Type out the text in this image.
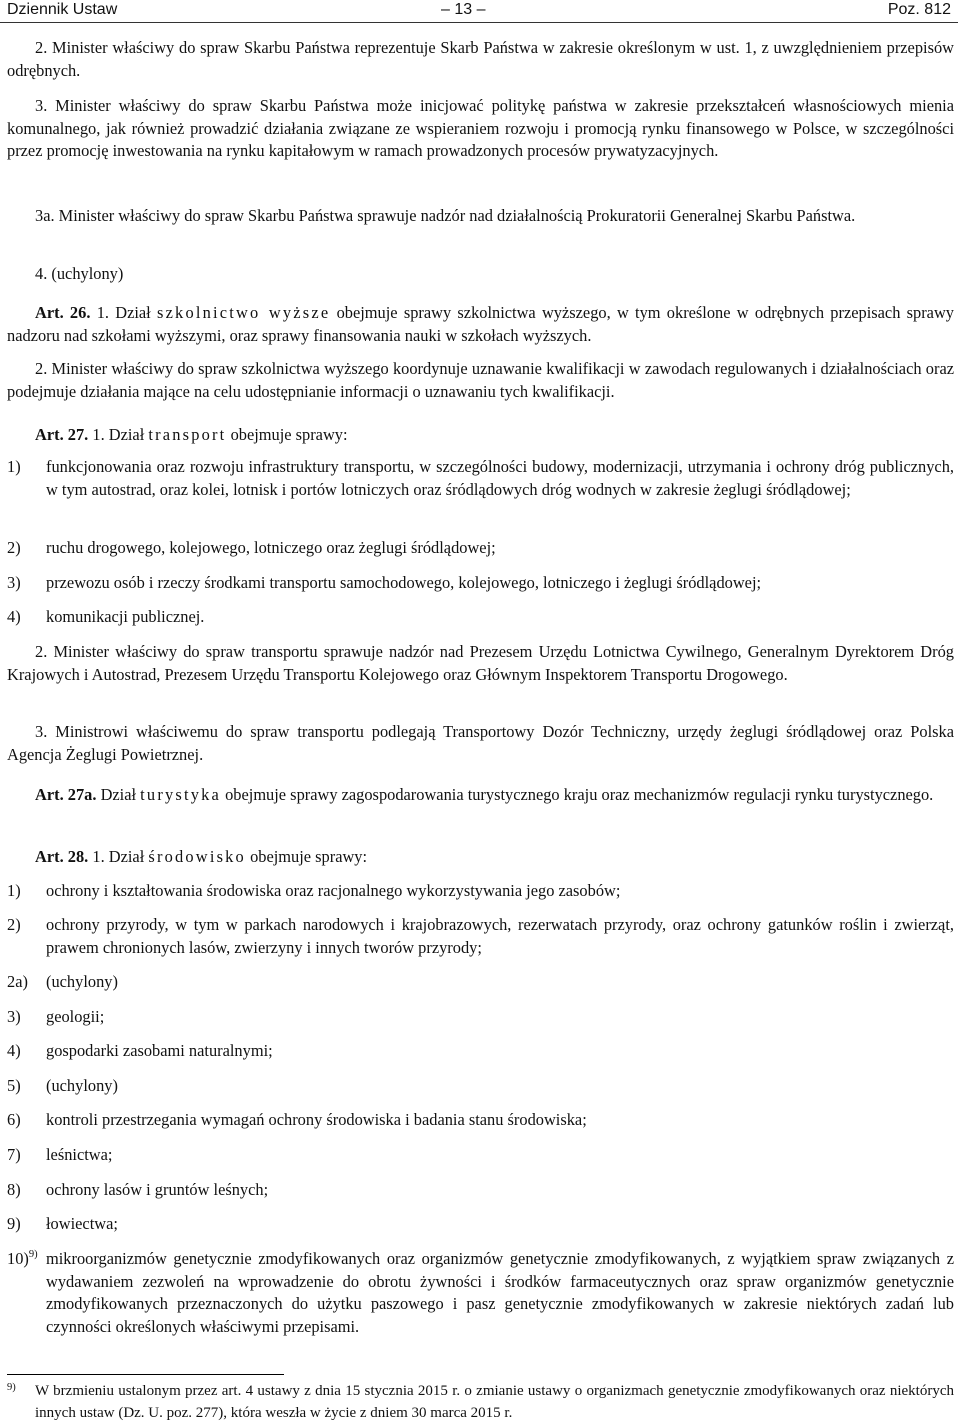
Dziennik Ustaw	– 13 –	Poz. 812
2. Minister właściwy do spraw Skarbu Państwa reprezentuje Skarb Państwa w zakresie określonym w ust. 1, z uwzględnieniem przepisów odrębnych.
3. Minister właściwy do spraw Skarbu Państwa może inicjować politykę państwa w zakresie przekształceń własnościowych mienia komunalnego, jak również prowadzić działania związane ze wspieraniem rozwoju i promocją rynku finansowego w Polsce, w szczególności przez promocję inwestowania na rynku kapitałowym w ramach prowadzonych procesów prywatyzacyjnych.
3a. Minister właściwy do spraw Skarbu Państwa sprawuje nadzór nad działalnością Prokuratorii Generalnej Skarbu Państwa.
4. (uchylony)
Art. 26. 1. Dział szkolnictwo wyższe obejmuje sprawy szkolnictwa wyższego, w tym określone w odrębnych przepisach sprawy nadzoru nad szkołami wyższymi, oraz sprawy finansowania nauki w szkołach wyższych.
2. Minister właściwy do spraw szkolnictwa wyższego koordynuje uznawanie kwalifikacji w zawodach regulowanych i działalnościach oraz podejmuje działania mające na celu udostępnianie informacji o uznawaniu tych kwalifikacji.
Art. 27. 1. Dział transport obejmuje sprawy:
1) funkcjonowania oraz rozwoju infrastruktury transportu, w szczególności budowy, modernizacji, utrzymania i ochrony dróg publicznych, w tym autostrad, oraz kolei, lotnisk i portów lotniczych oraz śródlądowych dróg wodnych w zakresie żeglugi śródlądowej;
2) ruchu drogowego, kolejowego, lotniczego oraz żeglugi śródlądowej;
3) przewozu osób i rzeczy środkami transportu samochodowego, kolejowego, lotniczego i żeglugi śródlądowej;
4) komunikacji publicznej.
2. Minister właściwy do spraw transportu sprawuje nadzór nad Prezesem Urzędu Lotnictwa Cywilnego, Generalnym Dyrektorem Dróg Krajowych i Autostrad, Prezesem Urzędu Transportu Kolejowego oraz Głównym Inspektorem Transportu Drogowego.
3. Ministrowi właściwemu do spraw transportu podlegają Transportowy Dozór Techniczny, urzędy żeglugi śródlądowej oraz Polska Agencja Żeglugi Powietrznej.
Art. 27a. Dział turystyka obejmuje sprawy zagospodarowania turystycznego kraju oraz mechanizmów regulacji rynku turystycznego.
Art. 28. 1. Dział środowisko obejmuje sprawy:
1) ochrony i kształtowania środowiska oraz racjonalnego wykorzystywania jego zasobów;
2) ochrony przyrody, w tym w parkach narodowych i krajobrazowych, rezerwatach przyrody, oraz ochrony gatunków roślin i zwierząt, prawem chronionych lasów, zwierzyny i innych tworów przyrody;
2a) (uchylony)
3) geologii;
4) gospodarki zasobami naturalnymi;
5) (uchylony)
6) kontroli przestrzegania wymagań ochrony środowiska i badania stanu środowiska;
7) leśnictwa;
8) ochrony lasów i gruntów leśnych;
9) łowiectwa;
10)$^{9)}$ mikroorganizmów genetycznie zmodyfikowanych oraz organizmów genetycznie zmodyfikowanych, z wyjątkiem spraw związanych z wydawaniem zezwoleń na wprowadzenie do obrotu żywności i środków farmaceutycznych oraz spraw organizmów genetycznie zmodyfikowanych przeznaczonych do użytku paszowego i pasz genetycznie zmodyfikowanych w zakresie niektórych zadań lub czynności określonych właściwymi przepisami.
9) W brzmieniu ustalonym przez art. 4 ustawy z dnia 15 stycznia 2015 r. o zmianie ustawy o organizmach genetycznie zmodyfikowanych oraz niektórych innych ustaw (Dz. U. poz. 277), która weszła w życie z dniem 30 marca 2015 r.
